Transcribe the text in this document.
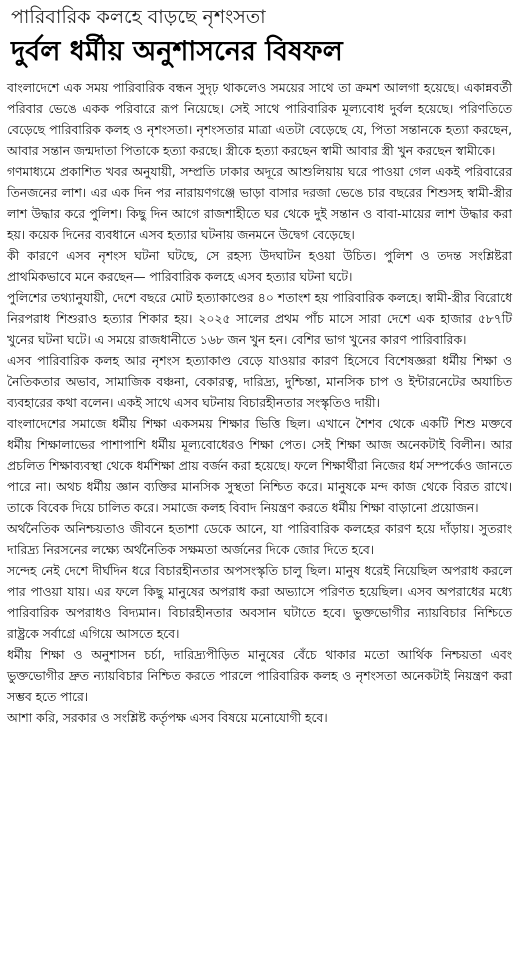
পারিবারিক কলহে বাড়ছে নৃশংসতা
দুর্বল ধর্মীয় অনুশাসনের বিষফল

বাংলাদেশে এক সময় পারিবারিক বন্ধন সুদৃঢ় থাকলেও সময়ের সাথে তা ক্রমশ আলগা হয়েছে। একান্নবর্তী পরিবার ভেঙে একক পরিবারে রূপ নিয়েছে। সেই সাথে পারিবারিক মূল্যবোধ দুর্বল হয়েছে। পরিণতিতে বেড়েছে পারিবারিক কলহ ও নৃশংসতা। নৃশংসতার মাত্রা এতটা বেড়েছে যে, পিতা সন্তানকে হত্যা করছেন, আবার সন্তান জন্মদাতা পিতাকে হত্যা করছে। স্ত্রীকে হত্যা করছেন স্বামী আবার স্ত্রী খুন করছেন স্বামীকে।

গণমাধ্যমে প্রকাশিত খবর অনুযায়ী, সম্প্রতি ঢাকার অদূরে আশুলিয়ায় ঘরে পাওয়া গেল একই পরিবারের তিনজনের লাশ। এর এক দিন পর নারায়ণগঞ্জে ভাড়া বাসার দরজা ভেঙে চার বছরের শিশুসহ স্বামী-স্ত্রীর লাশ উদ্ধার করে পুলিশ। কিছু দিন আগে রাজশাহীতে ঘর থেকে দুই সন্তান ও বাবা-মায়ের লাশ উদ্ধার করা হয়। কয়েক দিনের ব্যবধানে এসব হত্যার ঘটনায় জনমনে উদ্বেগ বেড়েছে।

কী কারণে এসব নৃশংস ঘটনা ঘটছে, সে রহস্য উদঘাটন হওয়া উচিত। পুলিশ ও তদন্ত সংশ্লিষ্টরা প্রাথমিকভাবে মনে করছেন— পারিবারিক কলহে এসব হত্যার ঘটনা ঘটে।

পুলিশের তথ্যানুযায়ী, দেশে বছরে মোট হত্যাকাণ্ডের ৪০ শতাংশ হয় পারিবারিক কলহে। স্বামী-স্ত্রীর বিরোধে নিরপরাধ শিশুরাও হত্যার শিকার হয়। ২০২৫ সালের প্রথম পাঁচ মাসে সারা দেশে এক হাজার ৫৮৭টি খুনের ঘটনা ঘটে। এ সময়ে রাজধানীতে ১৬৮ জন খুন হন। বেশির ভাগ খুনের কারণ পারিবারিক।

এসব পারিবারিক কলহ আর নৃশংস হত্যাকাণ্ড বেড়ে যাওয়ার কারণ হিসেবে বিশেষজ্ঞরা ধর্মীয় শিক্ষা ও নৈতিকতার অভাব, সামাজিক বঞ্চনা, বেকারত্ব, দারিদ্র্য, দুশ্চিন্তা, মানসিক চাপ ও ইন্টারনেটের অযাচিত ব্যবহারের কথা বলেন। একই সাথে এসব ঘটনায় বিচারহীনতার সংস্কৃতিও দায়ী।

বাংলাদেশের সমাজে ধর্মীয় শিক্ষা একসময় শিক্ষার ভিত্তি ছিল। এখানে শৈশব থেকে একটি শিশু মক্তবে ধর্মীয় শিক্ষালাভের পাশাপাশি ধর্মীয় মূল্যবোধেরও শিক্ষা পেত। সেই শিক্ষা আজ অনেকটাই বিলীন। আর প্রচলিত শিক্ষাব্যবস্থা থেকে ধর্মশিক্ষা প্রায় বর্জন করা হয়েছে। ফলে শিক্ষার্থীরা নিজের ধর্ম সম্পর্কেও জানতে পারে না। অথচ ধর্মীয় জ্ঞান ব্যক্তির মানসিক সুস্থতা নিশ্চিত করে। মানুষকে মন্দ কাজ থেকে বিরত রাখে। তাকে বিবেক দিয়ে চালিত করে। সমাজে কলহ বিবাদ নিয়ন্ত্রণ করতে ধর্মীয় শিক্ষা বাড়ানো প্রয়োজন।

অর্থনৈতিক অনিশ্চয়তাও জীবনে হতাশা ডেকে আনে, যা পারিবারিক কলহের কারণ হয়ে দাঁড়ায়। সুতরাং দারিদ্র্য নিরসনের লক্ষ্যে অর্থনৈতিক সক্ষমতা অর্জনের দিকে জোর দিতে হবে।

সন্দেহ নেই দেশে দীর্ঘদিন ধরে বিচারহীনতার অপসংস্কৃতি চালু ছিল। মানুষ ধরেই নিয়েছিল অপরাধ করলে পার পাওয়া যায়। এর ফলে কিছু মানুষের অপরাধ করা অভ্যাসে পরিণত হয়েছিল। এসব অপরাধের মধ্যে পারিবারিক অপরাধও বিদ্যমান। বিচারহীনতার অবসান ঘটাতে হবে। ভুক্তভোগীর ন্যায়বিচার নিশ্চিতে রাষ্ট্রকে সর্বাগ্রে এগিয়ে আসতে হবে।

ধর্মীয় শিক্ষা ও অনুশাসন চর্চা, দারিদ্র্যপীড়িত মানুষের বেঁচে থাকার মতো আর্থিক নিশ্চয়তা এবং ভুক্তভোগীর দ্রুত ন্যায়বিচার নিশ্চিত করতে পারলে পারিবারিক কলহ ও নৃশংসতা অনেকটাই নিয়ন্ত্রণ করা সম্ভব হতে পারে।

আশা করি, সরকার ও সংশ্লিষ্ট কর্তৃপক্ষ এসব বিষয়ে মনোযোগী হবে।
